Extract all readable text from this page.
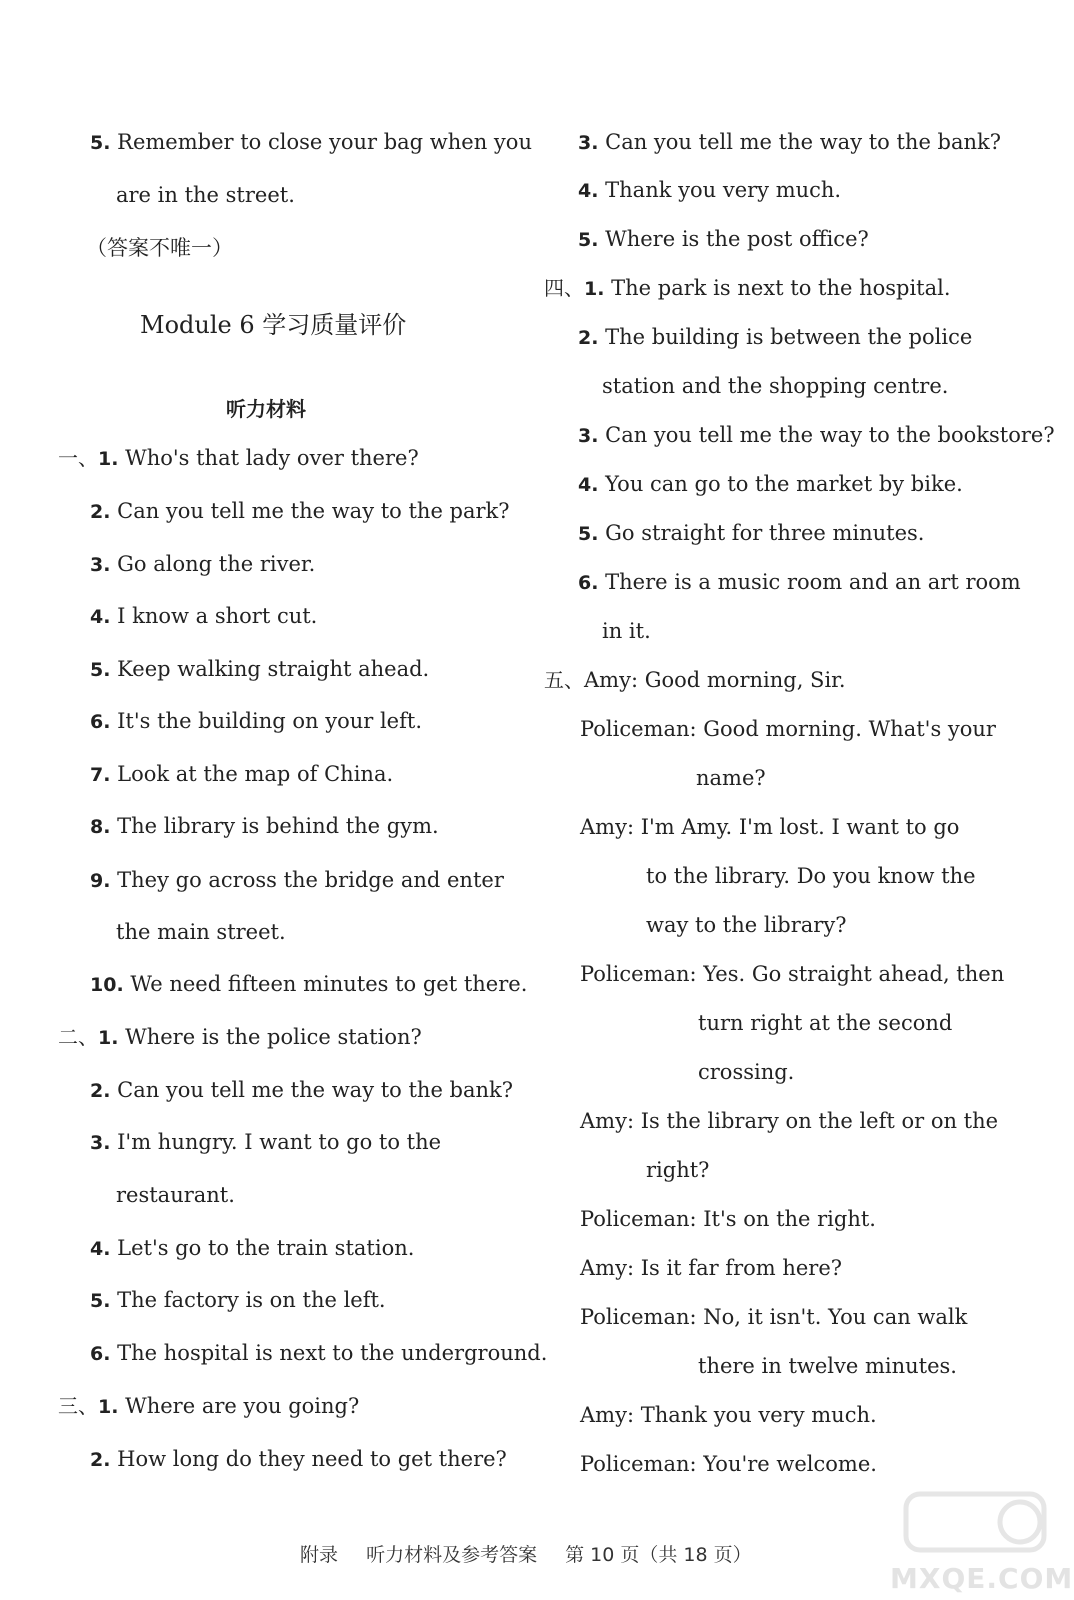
5. Remember to close your bag when you
are in the street.
（答案不唯一）
Module 6 学习质量评价
听力材料
一、1. Who's that lady over there?
2. Can you tell me the way to the park?
3. Go along the river.
4. I know a short cut.
5. Keep walking straight ahead.
6. It's the building on your left.
7. Look at the map of China.
8. The library is behind the gym.
9. They go across the bridge and enter
the main street.
10. We need fifteen minutes to get there.
二、1. Where is the police station?
2. Can you tell me the way to the bank?
3. I'm hungry. I want to go to the
restaurant.
4. Let's go to the train station.
5. The factory is on the left.
6. The hospital is next to the underground.
三、1. Where are you going?
2. How long do they need to get there?
3. Can you tell me the way to the bank?
4. Thank you very much.
5. Where is the post office?
四、1. The park is next to the hospital.
2. The building is between the police
station and the shopping centre.
3. Can you tell me the way to the bookstore?
4. You can go to the market by bike.
5. Go straight for three minutes.
6. There is a music room and an art room
in it.
五、Amy: Good morning, Sir.
Policeman: Good morning. What's your
name?
Amy: I'm Amy. I'm lost. I want to go
to the library. Do you know the
way to the library?
Policeman: Yes. Go straight ahead, then
turn right at the second
crossing.
Amy: Is the library on the left or on the
right?
Policeman: It's on the right.
Amy: Is it far from here?
Policeman: No, it isn't. You can walk
there in twelve minutes.
Amy: Thank you very much.
Policeman: You're welcome.
附录 听力材料及参考答案 第 10 页（共 18 页）
MXQE.COM
